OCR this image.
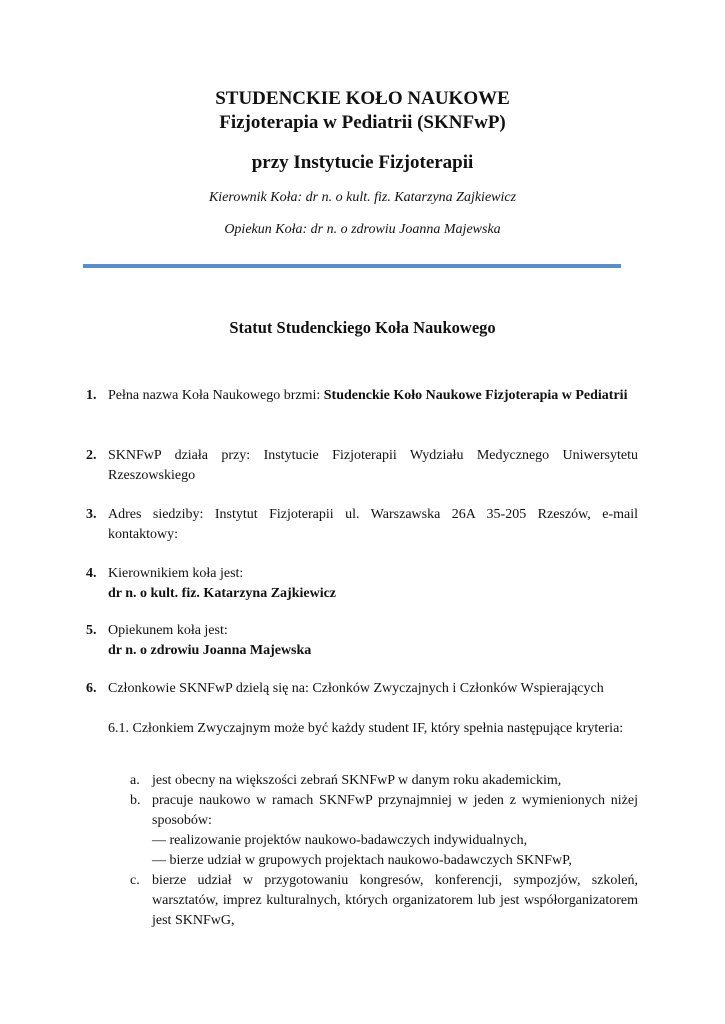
STUDENCKIE KOŁO NAUKOWE
Fizjoterapia w Pediatrii (SKNFwP)
przy Instytucie Fizjoterapii
Kierownik Koła: dr n. o kult. fiz. Katarzyna Zajkiewicz
Opiekun Koła: dr n. o zdrowiu Joanna Majewska
Statut Studenckiego Koła Naukowego
1. Pełna nazwa Koła Naukowego brzmi: Studenckie Koło Naukowe Fizjoterapia w Pediatrii
2. SKNFwP działa przy: Instytucie Fizjoterapii Wydziału Medycznego Uniwersytetu Rzeszowskiego
3. Adres siedziby: Instytut Fizjoterapii ul. Warszawska 26A 35-205 Rzeszów, e-mail kontaktowy:
4. Kierownikiem koła jest:
dr n. o kult. fiz. Katarzyna Zajkiewicz
5. Opiekunem koła jest:
dr n. o zdrowiu Joanna Majewska
6. Członkowie SKNFwP dzielą się na: Członków Zwyczajnych i Członków Wspierających
6.1. Członkiem Zwyczajnym może być każdy student IF, który spełnia następujące kryteria:
a. jest obecny na większości zebrań SKNFwP w danym roku akademickim,
b. pracuje naukowo w ramach SKNFwP przynajmniej w jeden z wymienionych niżej sposobów:
–– realizowanie projektów naukowo-badawczych indywidualnych,
–– bierze udział w grupowych projektach naukowo-badawczych SKNFwP,
c. bierze udział w przygotowaniu kongresów, konferencji, sympozjów, szkoleń, warsztatów, imprez kulturalnych, których organizatorem lub jest współorganizatorem jest SKNFwG,
